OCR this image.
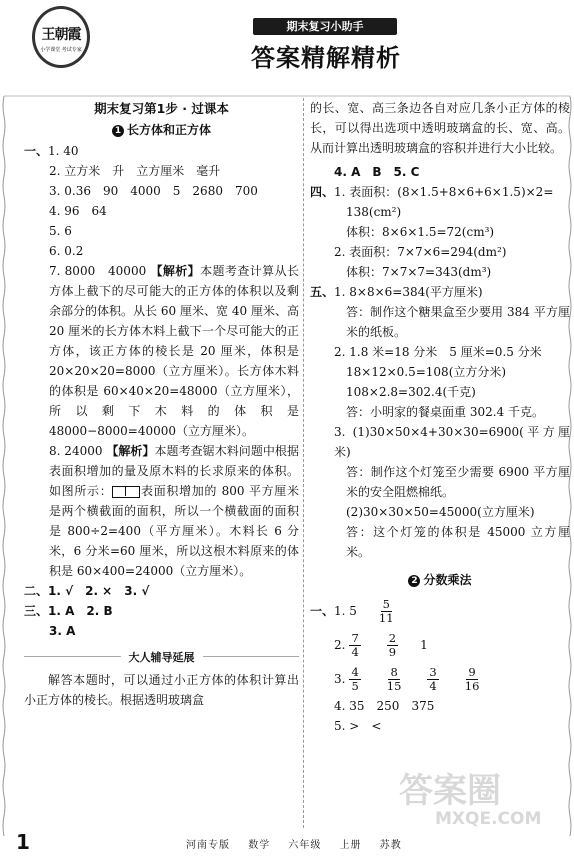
王朝霞
小学课堂 考试专家
期末复习小助手
答案精解精析
期末复习第1步 · 过课本
1 长方体和正方体
一、 1. 40
2. 立方米　升　立方厘米　毫升
3. 0.36　90　4000　5　2680　700
4. 96　64
5. 6
6. 0.2
7. 8000　40000 【解析】本题考查计算从长方体上截下的尽可能大的正方体的体积以及剩余部分的体积。从长 60 厘米、宽 40 厘米、高 20 厘米的长方体木料上截下一个尽可能大的正方体，该正方体的棱长是 20 厘米，体积是 20×20×20=8000（立方厘米）。长方体木料的体积是 60×40×20=48000（立方厘米），所以剩下木料的体积是 48000−8000=40000（立方厘米）。
8. 24000 【解析】本题考查锯木料问题中根据表面积增加的量及原木料的长求原来的体积。如图所示： 表面积增加的 800 平方厘米是两个横截面的面积，所以一个横截面的面积是 800÷2=400（平方厘米）。木料长 6 分米，6 分米=60 厘米，所以这根木料原来的体积是 60×400=24000（立方厘米）。
二、1. √　2. ×　3. √
三、1. A　2. B
3. A
大人辅导延展
解答本题时，可以通过小正方体的体积计算出小正方体的棱长。根据透明玻璃盒
的长、宽、高三条边各自对应几条小正方体的棱长，可以得出选项中透明玻璃盒的长、宽、高。从而计算出透明玻璃盒的容积并进行大小比较。
4. A　B　5. C
四、 1. 表面积：(8×1.5+8×6+6×1.5)×2=
138(cm²)
体积：8×6×1.5=72(cm³)
2. 表面积：7×7×6=294(dm²)
体积：7×7×7=343(dm³)
五、 1. 8×8×6=384(平方厘米)
答：制作这个糖果盒至少要用 384 平方厘米的纸板。
2. 1.8 米=18 分米　5 厘米=0.5 分米
18×12×0.5=108(立方分米)
108×2.8=302.4(千克)
答：小明家的餐桌面重 302.4 千克。
3. (1)30×50×4+30×30=6900(平方厘米)
答：制作这个灯笼至少需要 6900 平方厘米的安全阻燃棉纸。
(2)30×30×50=45000(立方厘米)
答：这个灯笼的体积是 45000 立方厘米。
2 分数乘法
一、 1. $5 \frac{5}{11}$
2. $\frac{7}{4} \frac{2}{9} 1$
3. $\frac{4}{5} \frac{8}{15} \frac{3}{4} \frac{9}{16}$
4. 35　250　375
5. >　<
答案圈
MXQE.COM
1	河南专版 数学 六年级 上册 苏教
